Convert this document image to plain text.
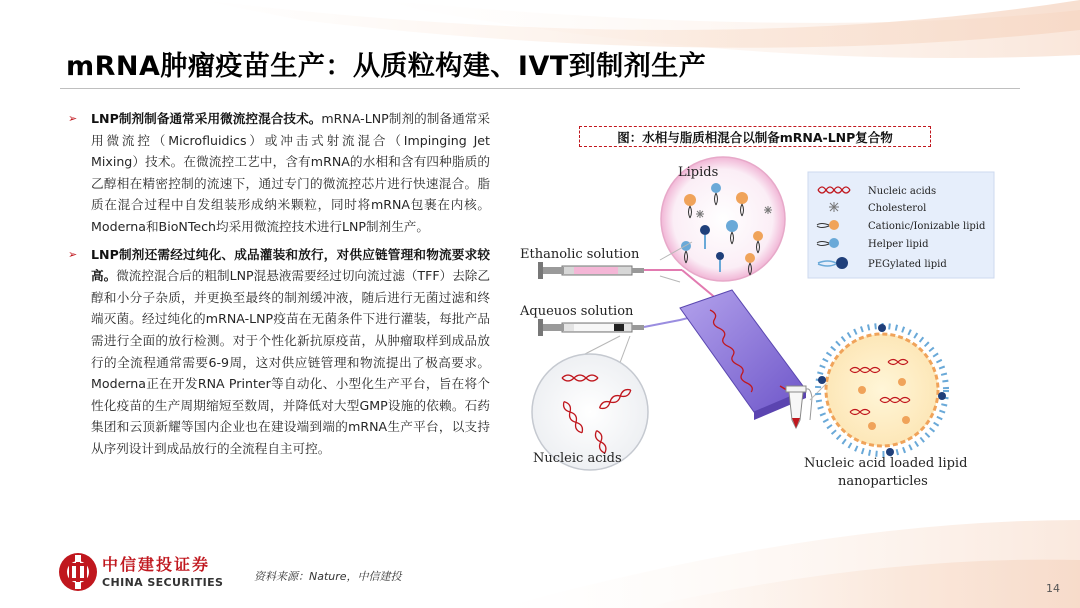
mRNA肿瘤疫苗生产：从质粒构建、IVT到制剂生产
➢ LNP制剂制备通常采用微流控混合技术。mRNA-LNP制剂的制备通常采用微流控（Microfluidics）或冲击式射流混合（Impinging Jet Mixing）技术。在微流控工艺中，含有mRNA的水相和含有四种脂质的乙醇相在精密控制的流速下，通过专门的微流控芯片进行快速混合。脂质在混合过程中自发组装形成纳米颗粒，同时将mRNA包裹在内核。Moderna和BioNTech均采用微流控技术进行LNP制剂生产。
➢ LNP制剂还需经过纯化、成品灌装和放行，对供应链管理和物流要求较高。微流控混合后的粗制LNP混悬液需要经过切向流过滤（TFF）去除乙醇和小分子杂质，并更换至最终的制剂缓冲液，随后进行无菌过滤和终端灭菌。经过纯化的mRNA-LNP疫苗在无菌条件下进行灌装，每批产品需进行全面的放行检测。对于个性化新抗原疫苗，从肿瘤取样到成品放行的全流程通常需要6-9周，这对供应链管理和物流提出了极高要求。Moderna正在开发RNA Printer等自动化、小型化生产平台，旨在将个性化疫苗的生产周期缩短至数周，并降低对大型GMP设施的依赖。石药集团和云顶新耀等国内企业也在建设端到端的mRNA生产平台，以支持从序列设计到成品放行的全流程自主可控。
图：水相与脂质相混合以制备mRNA-LNP复合物
Lipids
Nucleic acids
Cholesterol
Cationic/Ionizable lipid
Helper lipid
PEGylated lipid
Ethanolic solution
Aqueuos solution
Nucleic acids	Nucleic acid loaded lipid
nanoparticles
中信建投证券
CHINA SECURITIES	资料来源：Nature，中信建投
14
